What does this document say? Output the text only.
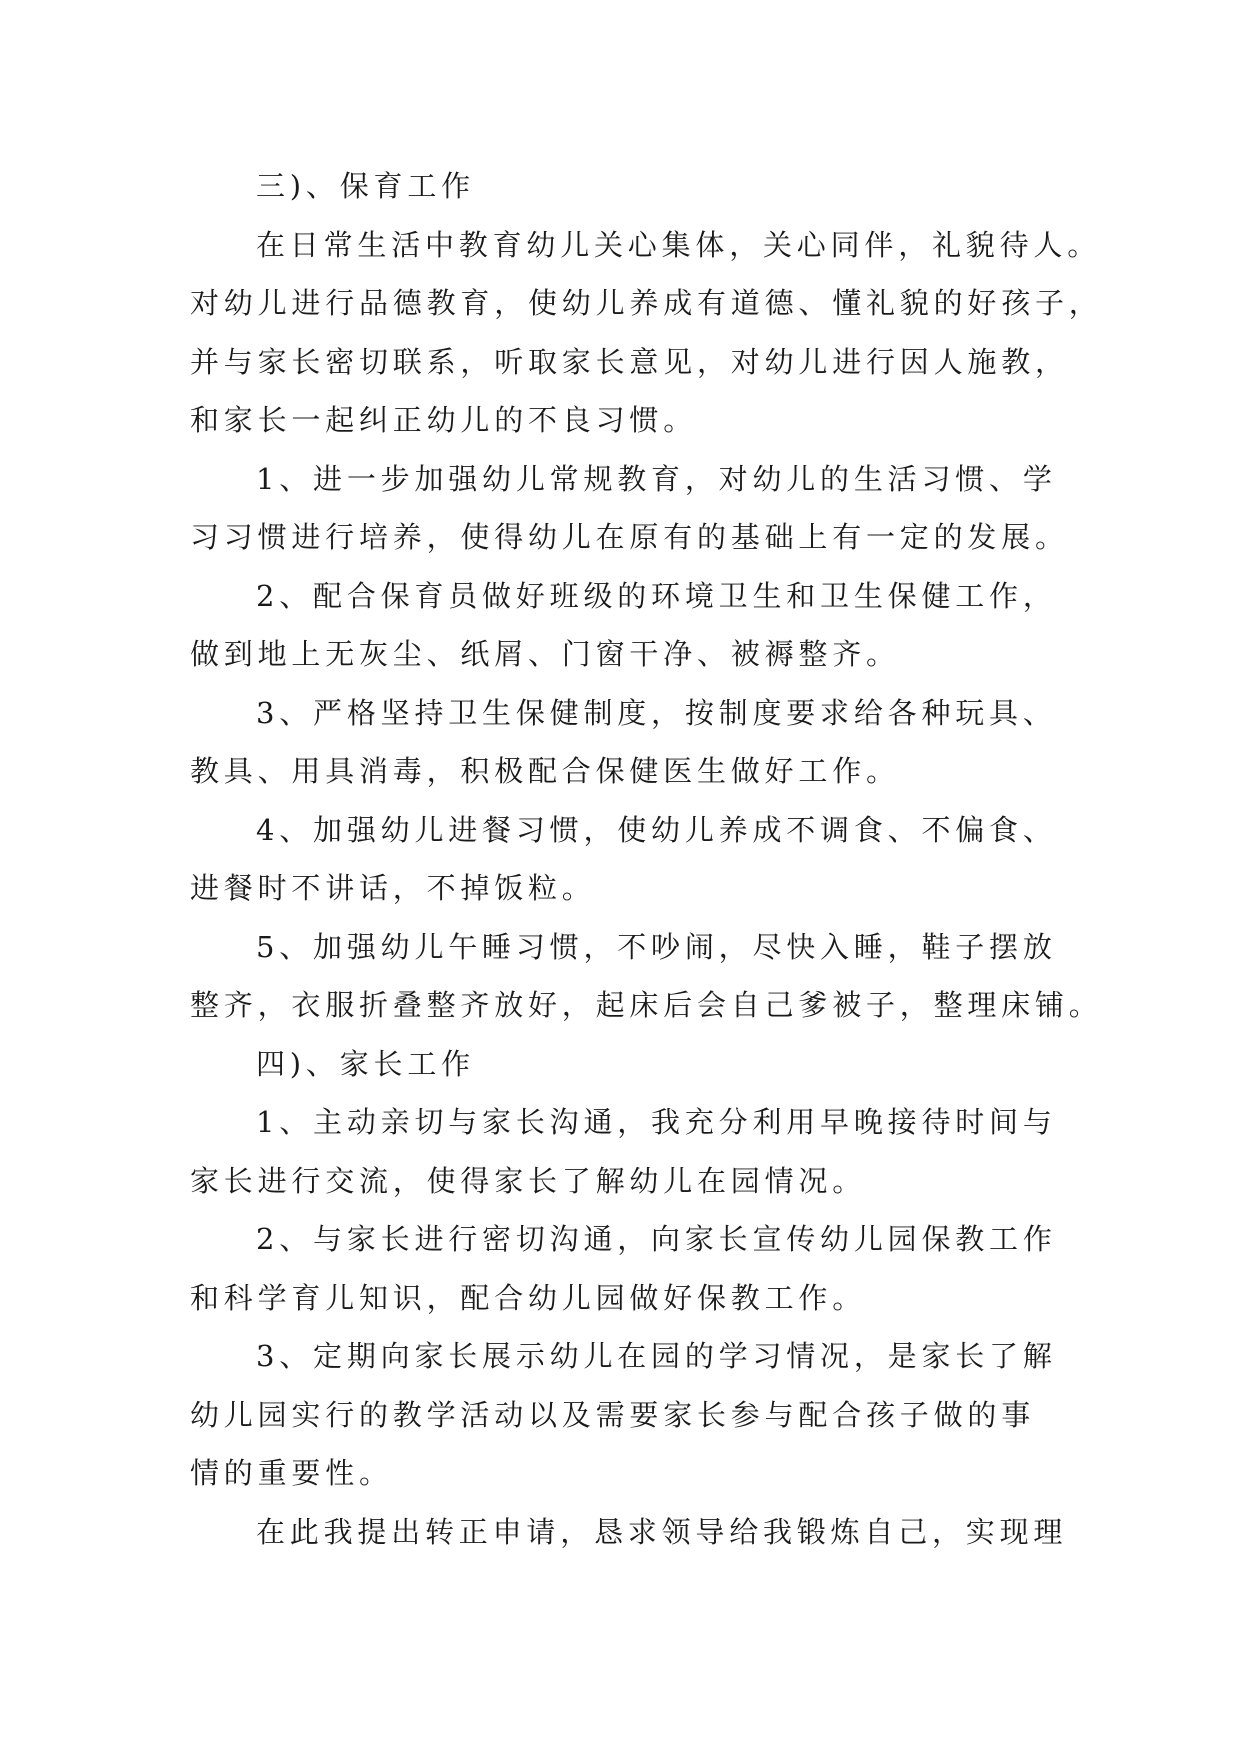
三)、保育工作
在日常生活中教育幼儿关心集体，关心同伴，礼貌待人。
对幼儿进行品德教育，使幼儿养成有道德、懂礼貌的好孩子，
并与家长密切联系，听取家长意见，对幼儿进行因人施教，
和家长一起纠正幼儿的不良习惯。
1、进一步加强幼儿常规教育，对幼儿的生活习惯、学
习习惯进行培养，使得幼儿在原有的基础上有一定的发展。
2、配合保育员做好班级的环境卫生和卫生保健工作，
做到地上无灰尘、纸屑、门窗干净、被褥整齐。
3、严格坚持卫生保健制度，按制度要求给各种玩具、
教具、用具消毒，积极配合保健医生做好工作。
4、加强幼儿进餐习惯，使幼儿养成不调食、不偏食、
进餐时不讲话，不掉饭粒。
5、加强幼儿午睡习惯，不吵闹，尽快入睡，鞋子摆放
整齐，衣服折叠整齐放好，起床后会自己爹被子，整理床铺。
四)、家长工作
1、主动亲切与家长沟通，我充分利用早晚接待时间与
家长进行交流，使得家长了解幼儿在园情况。
2、与家长进行密切沟通，向家长宣传幼儿园保教工作
和科学育儿知识，配合幼儿园做好保教工作。
3、定期向家长展示幼儿在园的学习情况，是家长了解
幼儿园实行的教学活动以及需要家长参与配合孩子做的事
情的重要性。
在此我提出转正申请，恳求领导给我锻炼自己，实现理
